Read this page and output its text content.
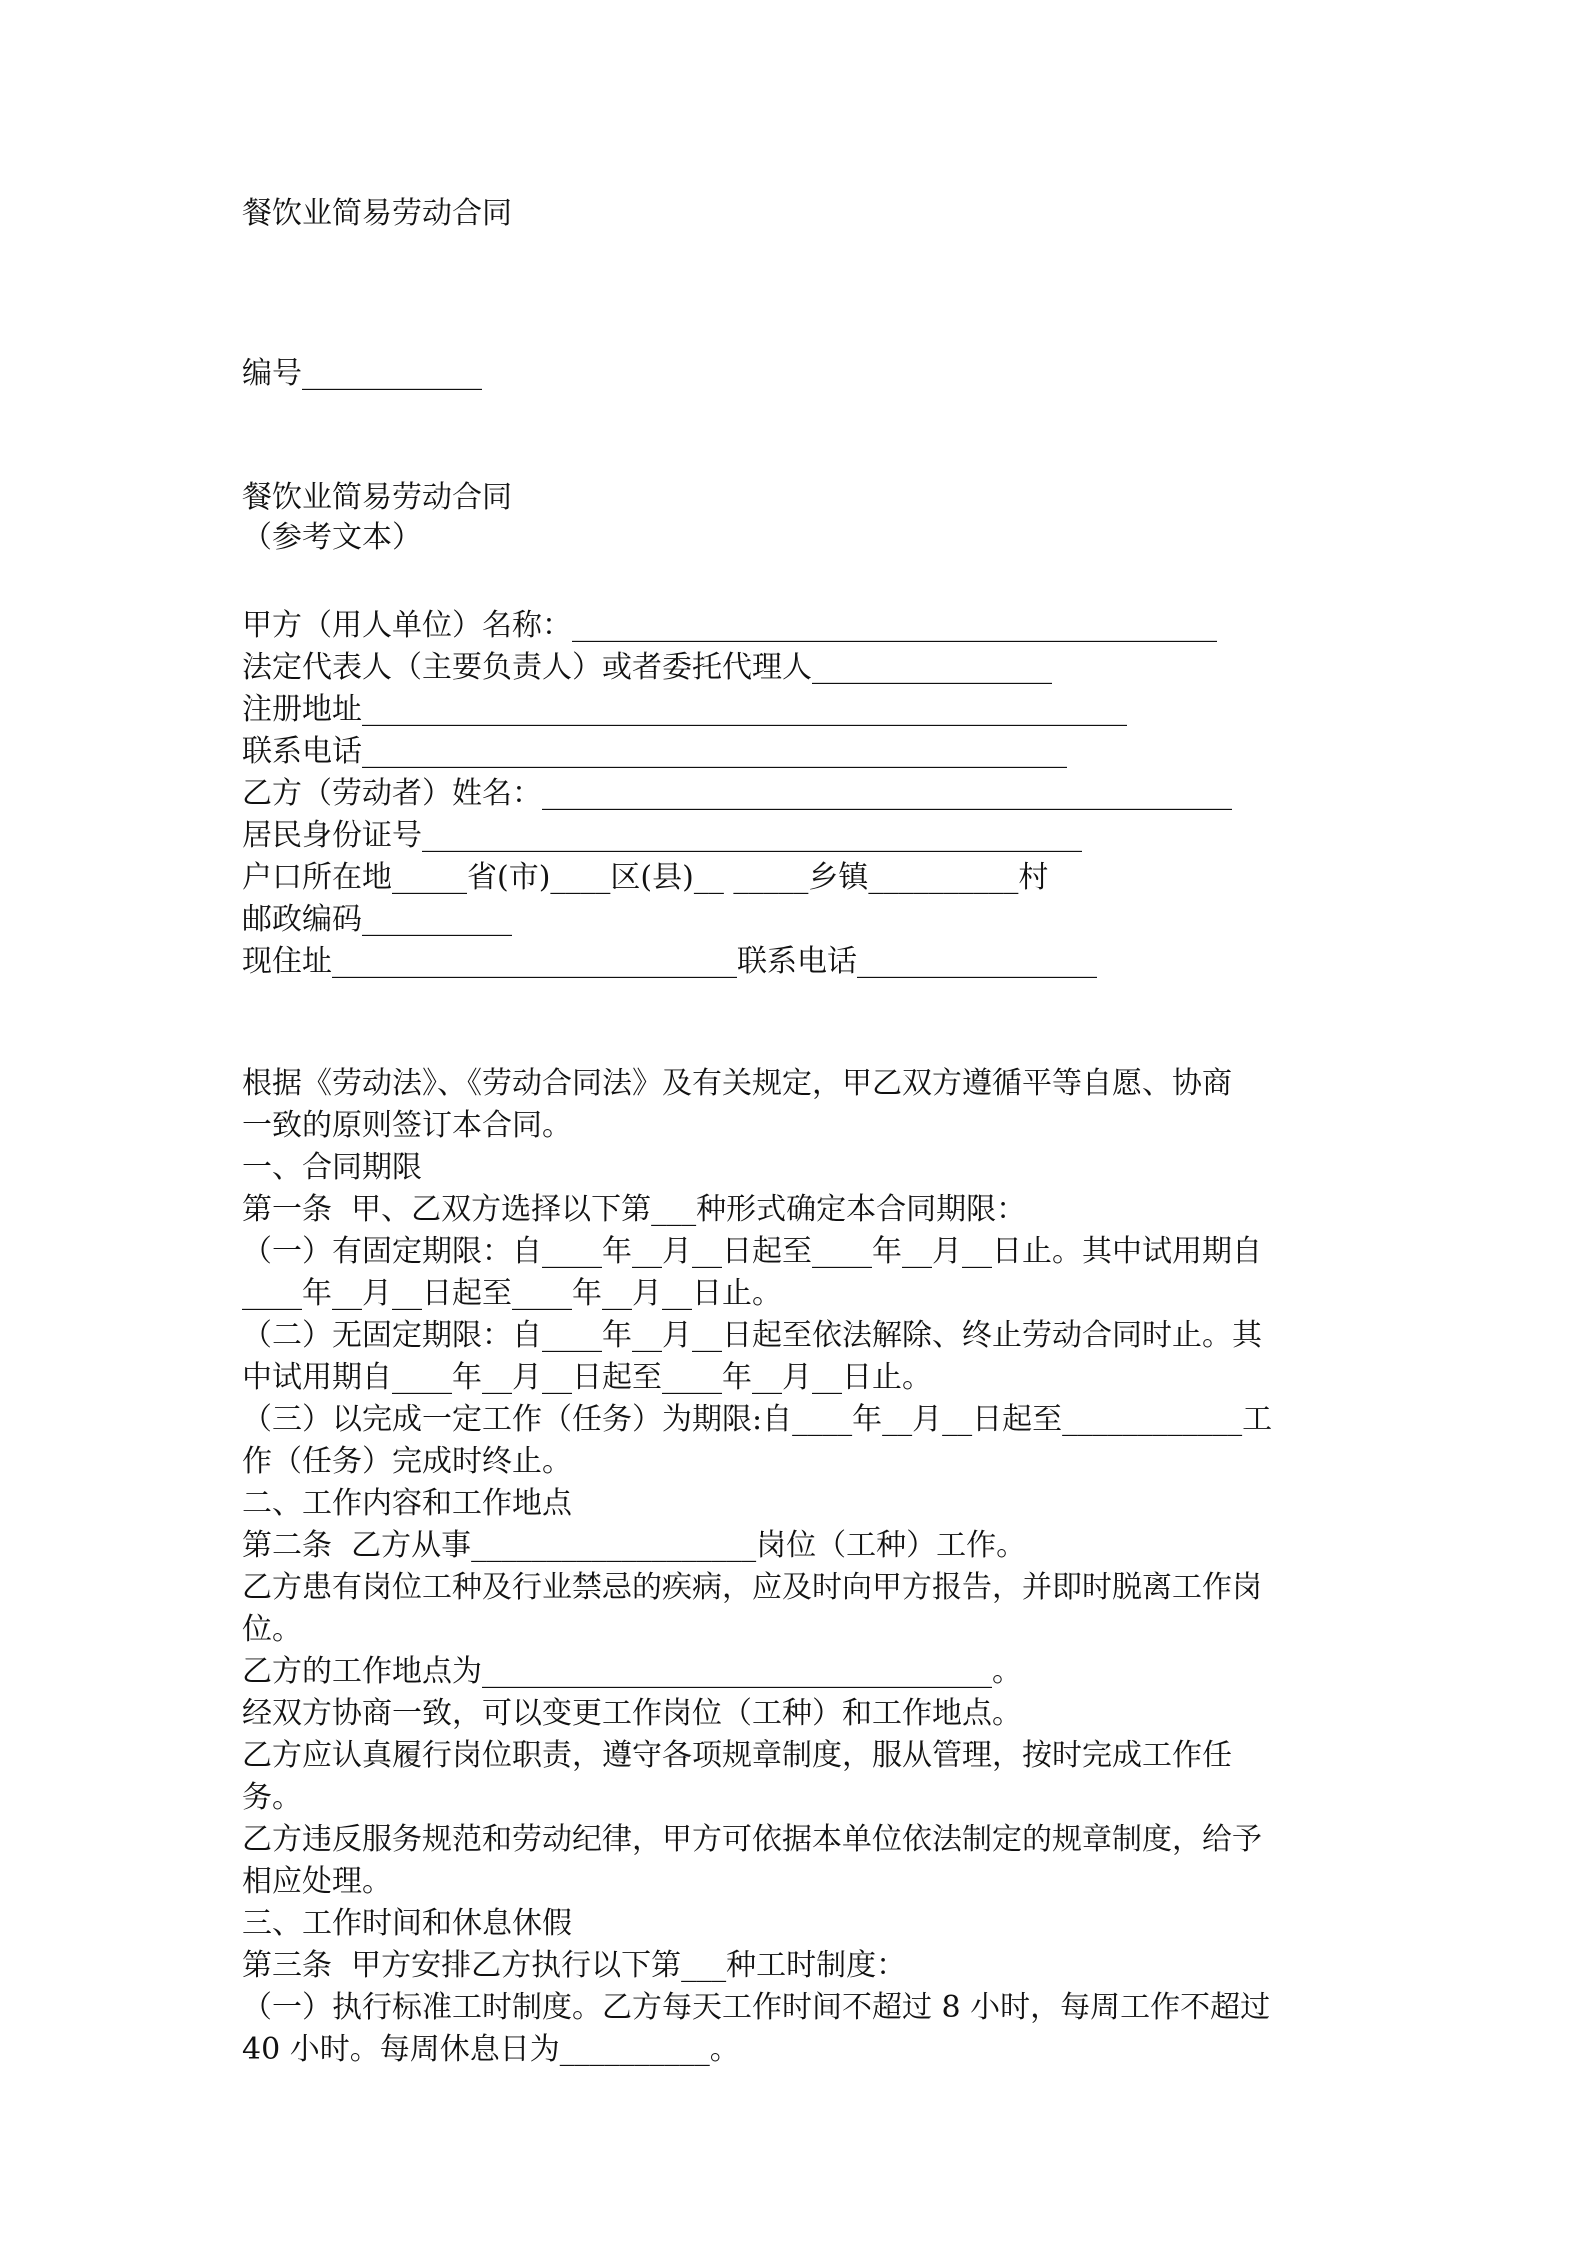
餐饮业简易劳动合同
编号____________
餐饮业简易劳动合同
（参考文本）
甲方（用人单位）名称：___________________________________________
法定代表人（主要负责人）或者委托代理人________________
注册地址___________________________________________________
联系电话_______________________________________________
乙方（劳动者）姓名：______________________________________________
居民身份证号____________________________________________
户口所在地_____省(市)____区(县)__ _____乡镇__________村
邮政编码__________
现住址___________________________联系电话________________
根据《劳动法》、《劳动合同法》及有关规定，甲乙双方遵循平等自愿、协商
一致的原则签订本合同。
一、合同期限
第一条  甲、乙双方选择以下第___种形式确定本合同期限：
（一）有固定期限：自____年__月__日起至____年__月__日止。其中试用期自
____年__月__日起至____年__月__日止。
（二）无固定期限：自____年__月__日起至依法解除、终止劳动合同时止。其
中试用期自____年__月__日起至____年__月__日止。
（三）以完成一定工作（任务）为期限:自____年__月__日起至____________工
作（任务）完成时终止。
二、工作内容和工作地点
第二条  乙方从事___________________岗位（工种）工作。
乙方患有岗位工种及行业禁忌的疾病，应及时向甲方报告，并即时脱离工作岗
位。
乙方的工作地点为__________________________________。
经双方协商一致，可以变更工作岗位（工种）和工作地点。
乙方应认真履行岗位职责，遵守各项规章制度，服从管理，按时完成工作任
务。
乙方违反服务规范和劳动纪律，甲方可依据本单位依法制定的规章制度，给予
相应处理。
三、工作时间和休息休假
第三条  甲方安排乙方执行以下第___种工时制度：
（一）执行标准工时制度。乙方每天工作时间不超过 8 小时，每周工作不超过
40 小时。每周休息日为__________。
